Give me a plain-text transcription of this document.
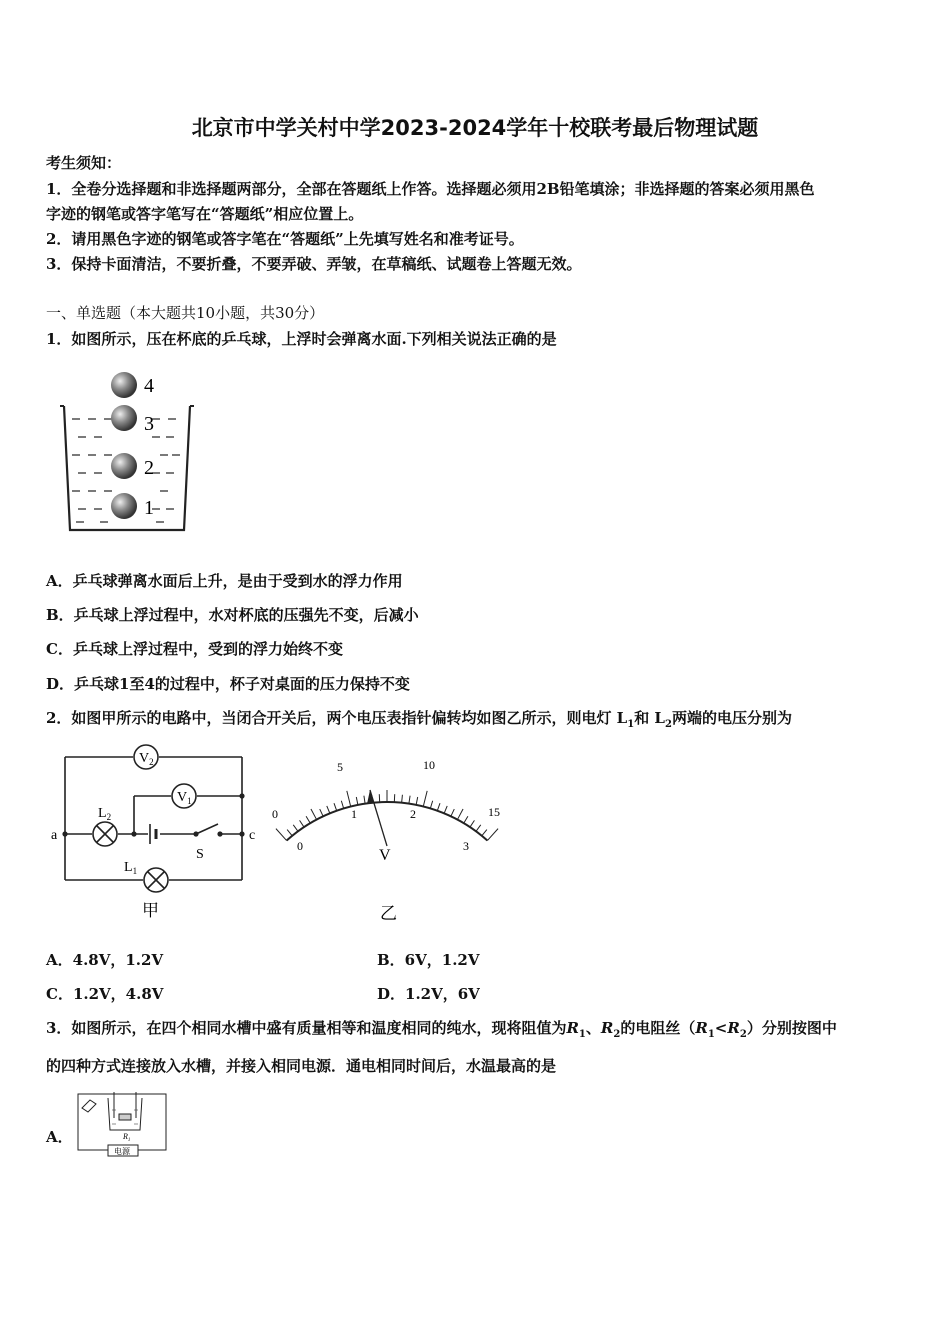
北京市中学关村中学2023-2024学年十校联考最后物理试题
考生须知：
1．全卷分选择题和非选择题两部分，全部在答题纸上作答。选择题必须用2B铅笔填涂；非选择题的答案必须用黑色
字迹的钢笔或答字笔写在“答题纸”相应位置上。
2．请用黑色字迹的钢笔或答字笔在“答题纸”上先填写姓名和准考证号。
3．保持卡面清洁，不要折叠，不要弄破、弄皱，在草稿纸、试题卷上答题无效。
一、单选题（本大题共10小题，共30分）
1．如图所示，压在杯底的乒乓球，上浮时会弹离水面.下列相关说法正确的是
4
3
2
1
A．乒乓球弹离水面后上升，是由于受到水的浮力作用
B．乒乓球上浮过程中，水对杯底的压强先不变，后减小
C．乒乓球上浮过程中，受到的浮力始终不变
D．乒乓球1至4的过程中，杯子对桌面的压力保持不变
2．如图甲所示的电路中，当闭合开关后，两个电压表指针偏转均如图乙所示，则电灯 $L_1$和 $L_2$两端的电压分别为
$V_2$
$V_1$
$L_2$
$L_1$
a	c
S
甲
0
5	10
15
0
1	2
3
V
乙
A．4.8V，1.2V	B．6V，1.2V
C．1.2V，4.8V	D．1.2V，6V
3．如图所示，在四个相同水槽中盛有质量相等和温度相同的纯水，现将阻值为$R_1$、$R_2$的电阻丝$(R_1<R_2)$分别按图中
的四种方式连接放入水槽，并接入相同电源．通电相同时间后，水温最高的是
A．	$R_1$
电源
